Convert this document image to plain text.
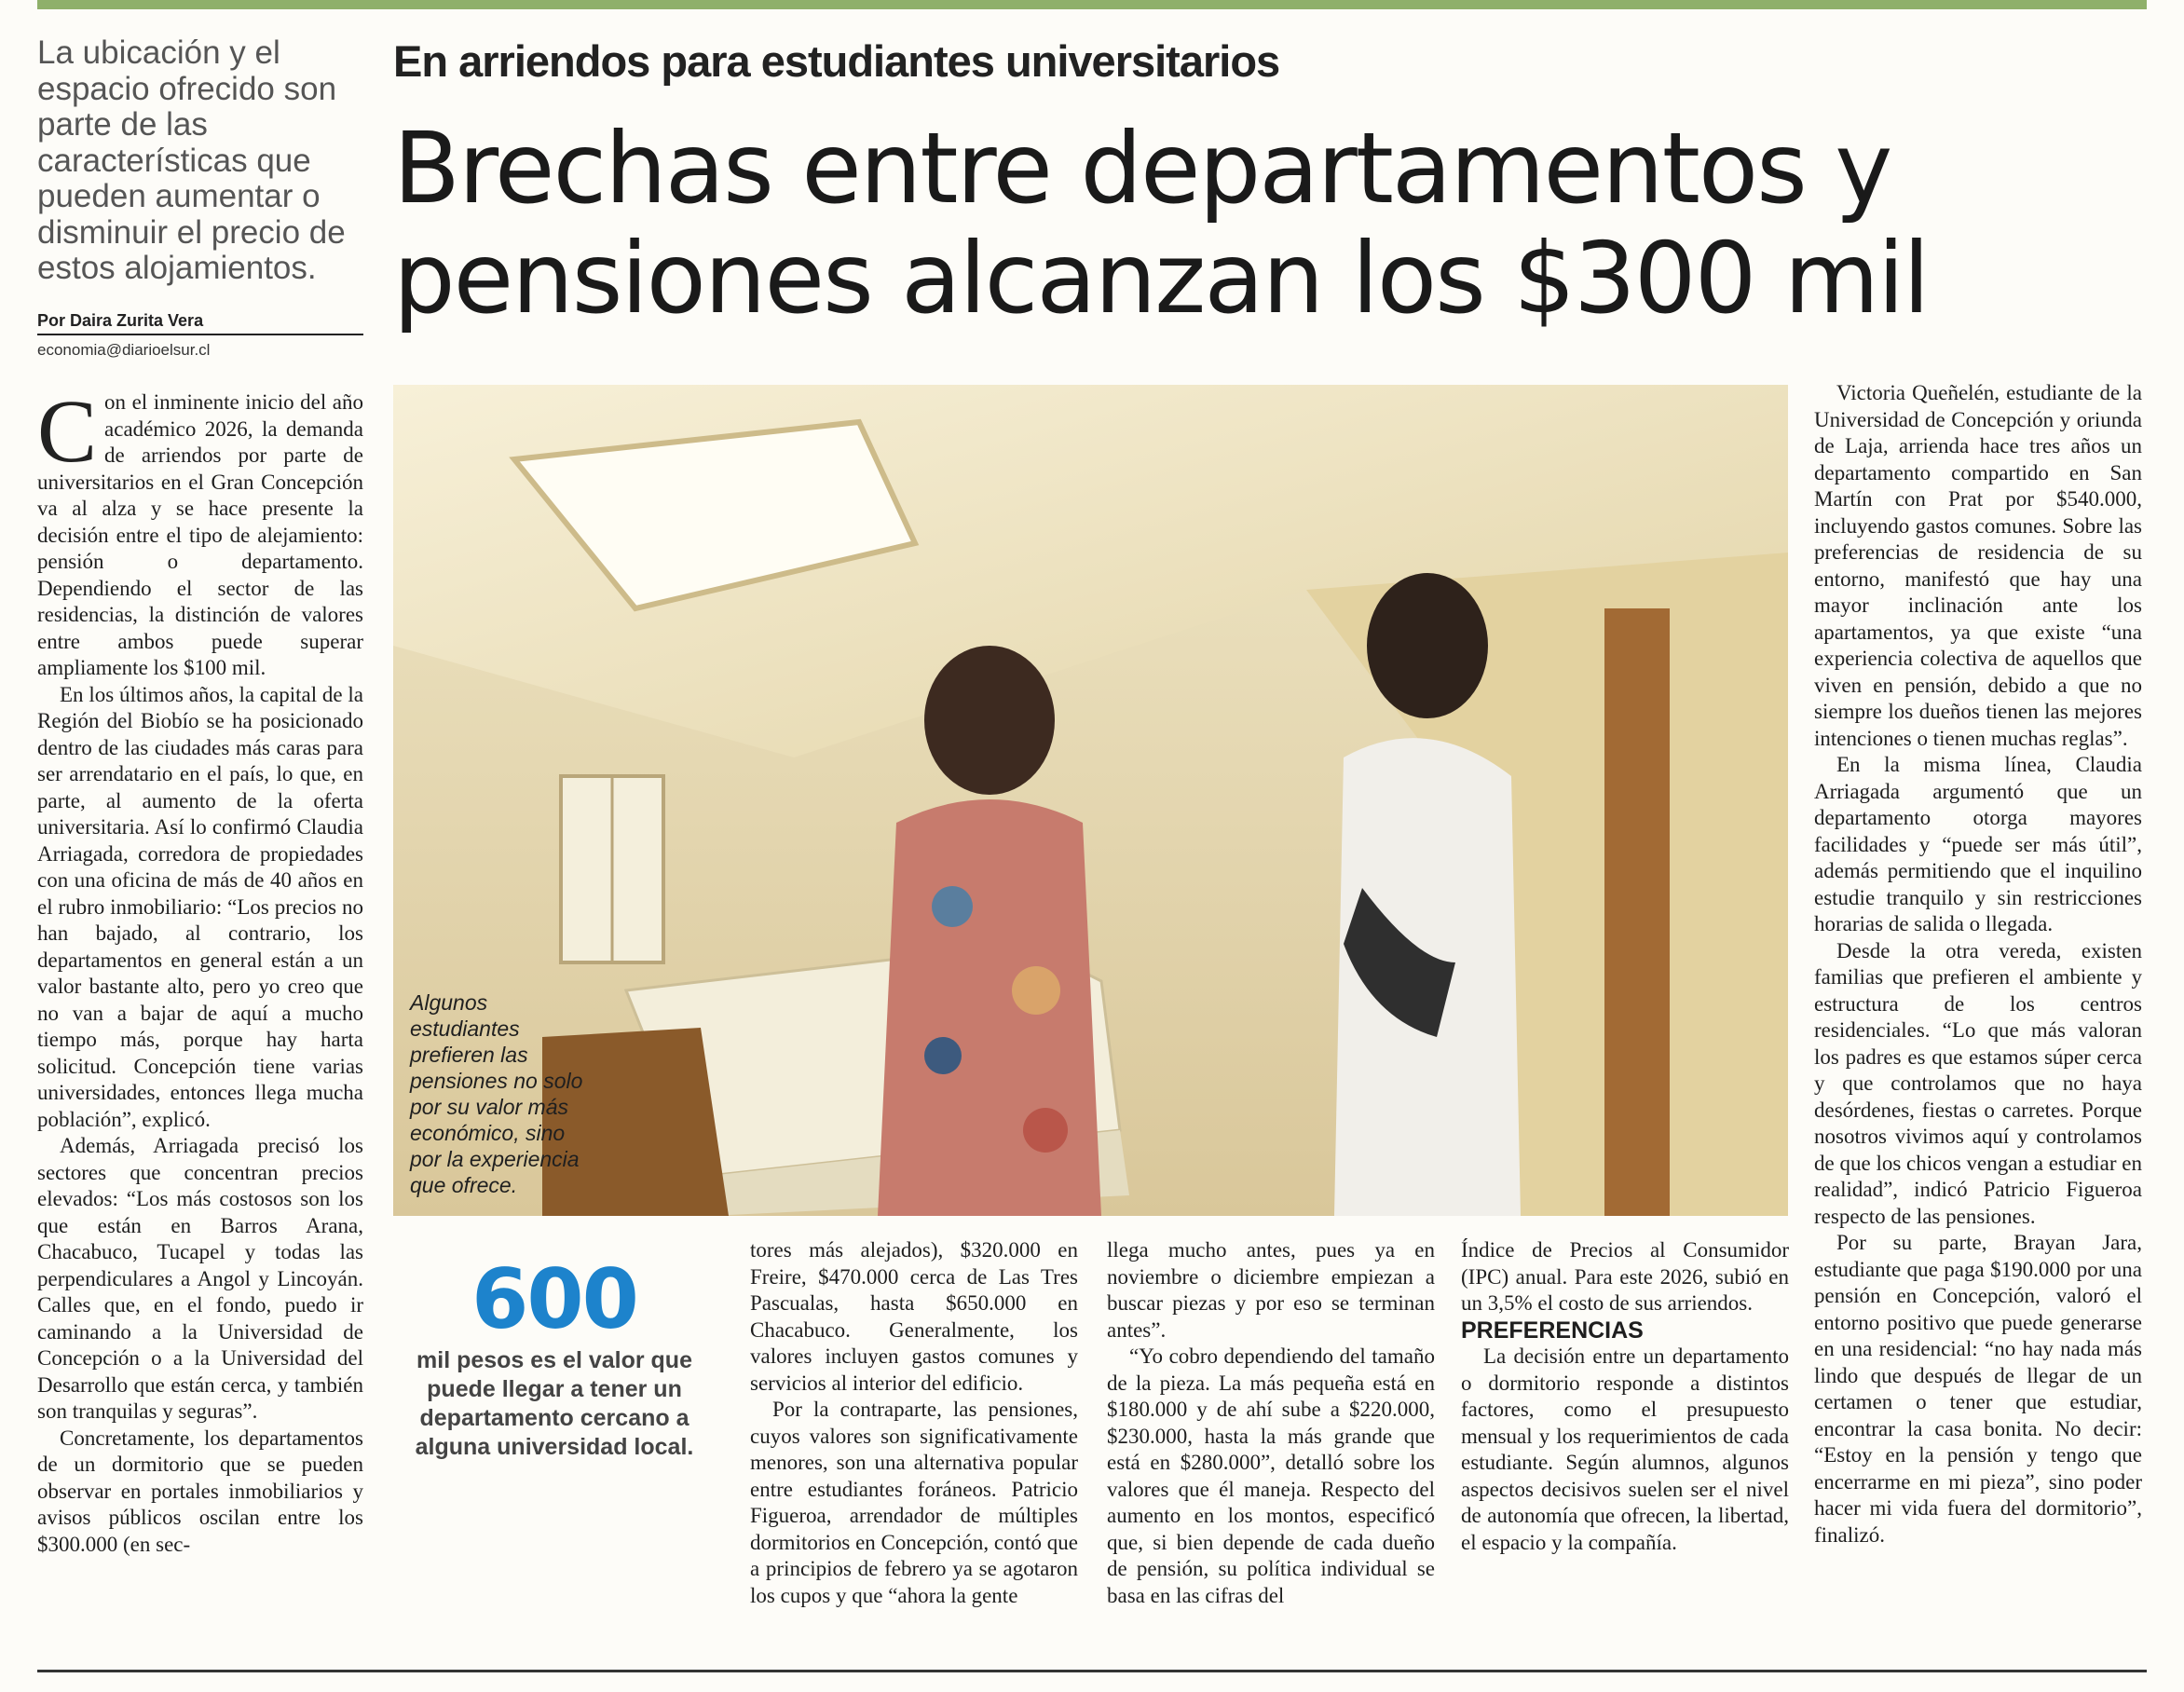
La ubicación y el espacio ofrecido son parte de las características que pueden aumentar o disminuir el precio de estos alojamientos.
Por Daira Zurita Vera
economia@diarioelsur.cl
En arriendos para estudiantes universitarios
Brechas entre departamentos y pensiones alcanzan los $300 mil

Con el inminente inicio del año académico 2026, la demanda de arriendos por parte de universitarios en el Gran Concepción va al alza y se hace presente la decisión entre el tipo de alejamiento: pensión o departamento. Dependiendo el sector de las residencias, la distinción de valores entre ambos puede superar ampliamente los $100 mil.

En los últimos años, la capital de la Región del Biobío se ha posicionado dentro de las ciudades más caras para ser arrendatario en el país, lo que, en parte, al aumento de la oferta universitaria. Así lo confirmó Claudia Arriagada, corredora de propiedades con una oficina de más de 40 años en el rubro inmobiliario: “Los precios no han bajado, al contrario, los departamentos en general están a un valor bastante alto, pero yo creo que no van a bajar de aquí a mucho tiempo más, porque hay harta solicitud. Concepción tiene varias universidades, entonces llega mucha población”, explicó.

Además, Arriagada precisó los sectores que concentran precios elevados: “Los más costosos son los que están en Barros Arana, Chacabuco, Tucapel y todas las perpendiculares a Angol y Lincoyán. Calles que, en el fondo, puedo ir caminando a la Universidad de Concepción o a la Universidad del Desarrollo que están cerca, y también son tranquilas y seguras”.

Concretamente, los departamentos de un dormitorio que se pueden observar en portales inmobiliarios y avisos públicos oscilan entre los $300.000 (en sec-

Algunos estudiantes prefieren las pensiones no solo por su valor más económico, sino por la experiencia que ofrece.
600
mil pesos es el valor que puede llegar a tener un departamento cercano a alguna universidad local.

tores más alejados), $320.000 en Freire, $470.000 cerca de Las Tres Pascualas, hasta $650.000 en Chacabuco. Generalmente, los valores incluyen gastos comunes y servicios al interior del edificio.

Por la contraparte, las pensiones, cuyos valores son significativamente menores, son una alternativa popular entre estudiantes foráneos. Patricio Figueroa, arrendador de múltiples dormitorios en Concepción, contó que a principios de febrero ya se agotaron los cupos y que “ahora la gente

llega mucho antes, pues ya en noviembre o diciembre empiezan a buscar piezas y por eso se terminan antes”.

“Yo cobro dependiendo del tamaño de la pieza. La más pequeña está en $180.000 y de ahí sube a $220.000, $230.000, hasta la más grande que está en $280.000”, detalló sobre los valores que él maneja. Respecto del aumento en los montos, especificó que, si bien depende de cada dueño de pensión, su política individual se basa en las cifras del

Índice de Precios al Consumidor (IPC) anual. Para este 2026, subió en un 3,5% el costo de sus arriendos.

PREFERENCIAS

La decisión entre un departamento o dormitorio responde a distintos factores, como el presupuesto mensual y los requerimientos de cada estudiante. Según alumnos, algunos aspectos decisivos suelen ser el nivel de autonomía que ofrecen, la libertad, el espacio y la compañía.

Victoria Queñelén, estudiante de la Universidad de Concepción y oriunda de Laja, arrienda hace tres años un departamento compartido en San Martín con Prat por $540.000, incluyendo gastos comunes. Sobre las preferencias de residencia de su entorno, manifestó que hay una mayor inclinación ante los apartamentos, ya que existe “una experiencia colectiva de aquellos que viven en pensión, debido a que no siempre los dueños tienen las mejores intenciones o tienen muchas reglas”.

En la misma línea, Claudia Arriagada argumentó que un departamento otorga mayores facilidades y “puede ser más útil”, además permitiendo que el inquilino estudie tranquilo y sin restricciones horarias de salida o llegada.

Desde la otra vereda, existen familias que prefieren el ambiente y estructura de los centros residenciales. “Lo que más valoran los padres es que estamos súper cerca y que controlamos que no haya desórdenes, fiestas o carretes. Porque nosotros vivimos aquí y controlamos de que los chicos vengan a estudiar en realidad”, indicó Patricio Figueroa respecto de las pensiones.

Por su parte, Brayan Jara, estudiante que paga $190.000 por una pensión en Concepción, valoró el entorno positivo que puede generarse en una residencial: “no hay nada más lindo que después de llegar de un certamen o tener que estudiar, encontrar la casa bonita. No decir: “Estoy en la pensión y tengo que encerrarme en mi pieza”, sino poder hacer mi vida fuera del dormitorio”, finalizó.
